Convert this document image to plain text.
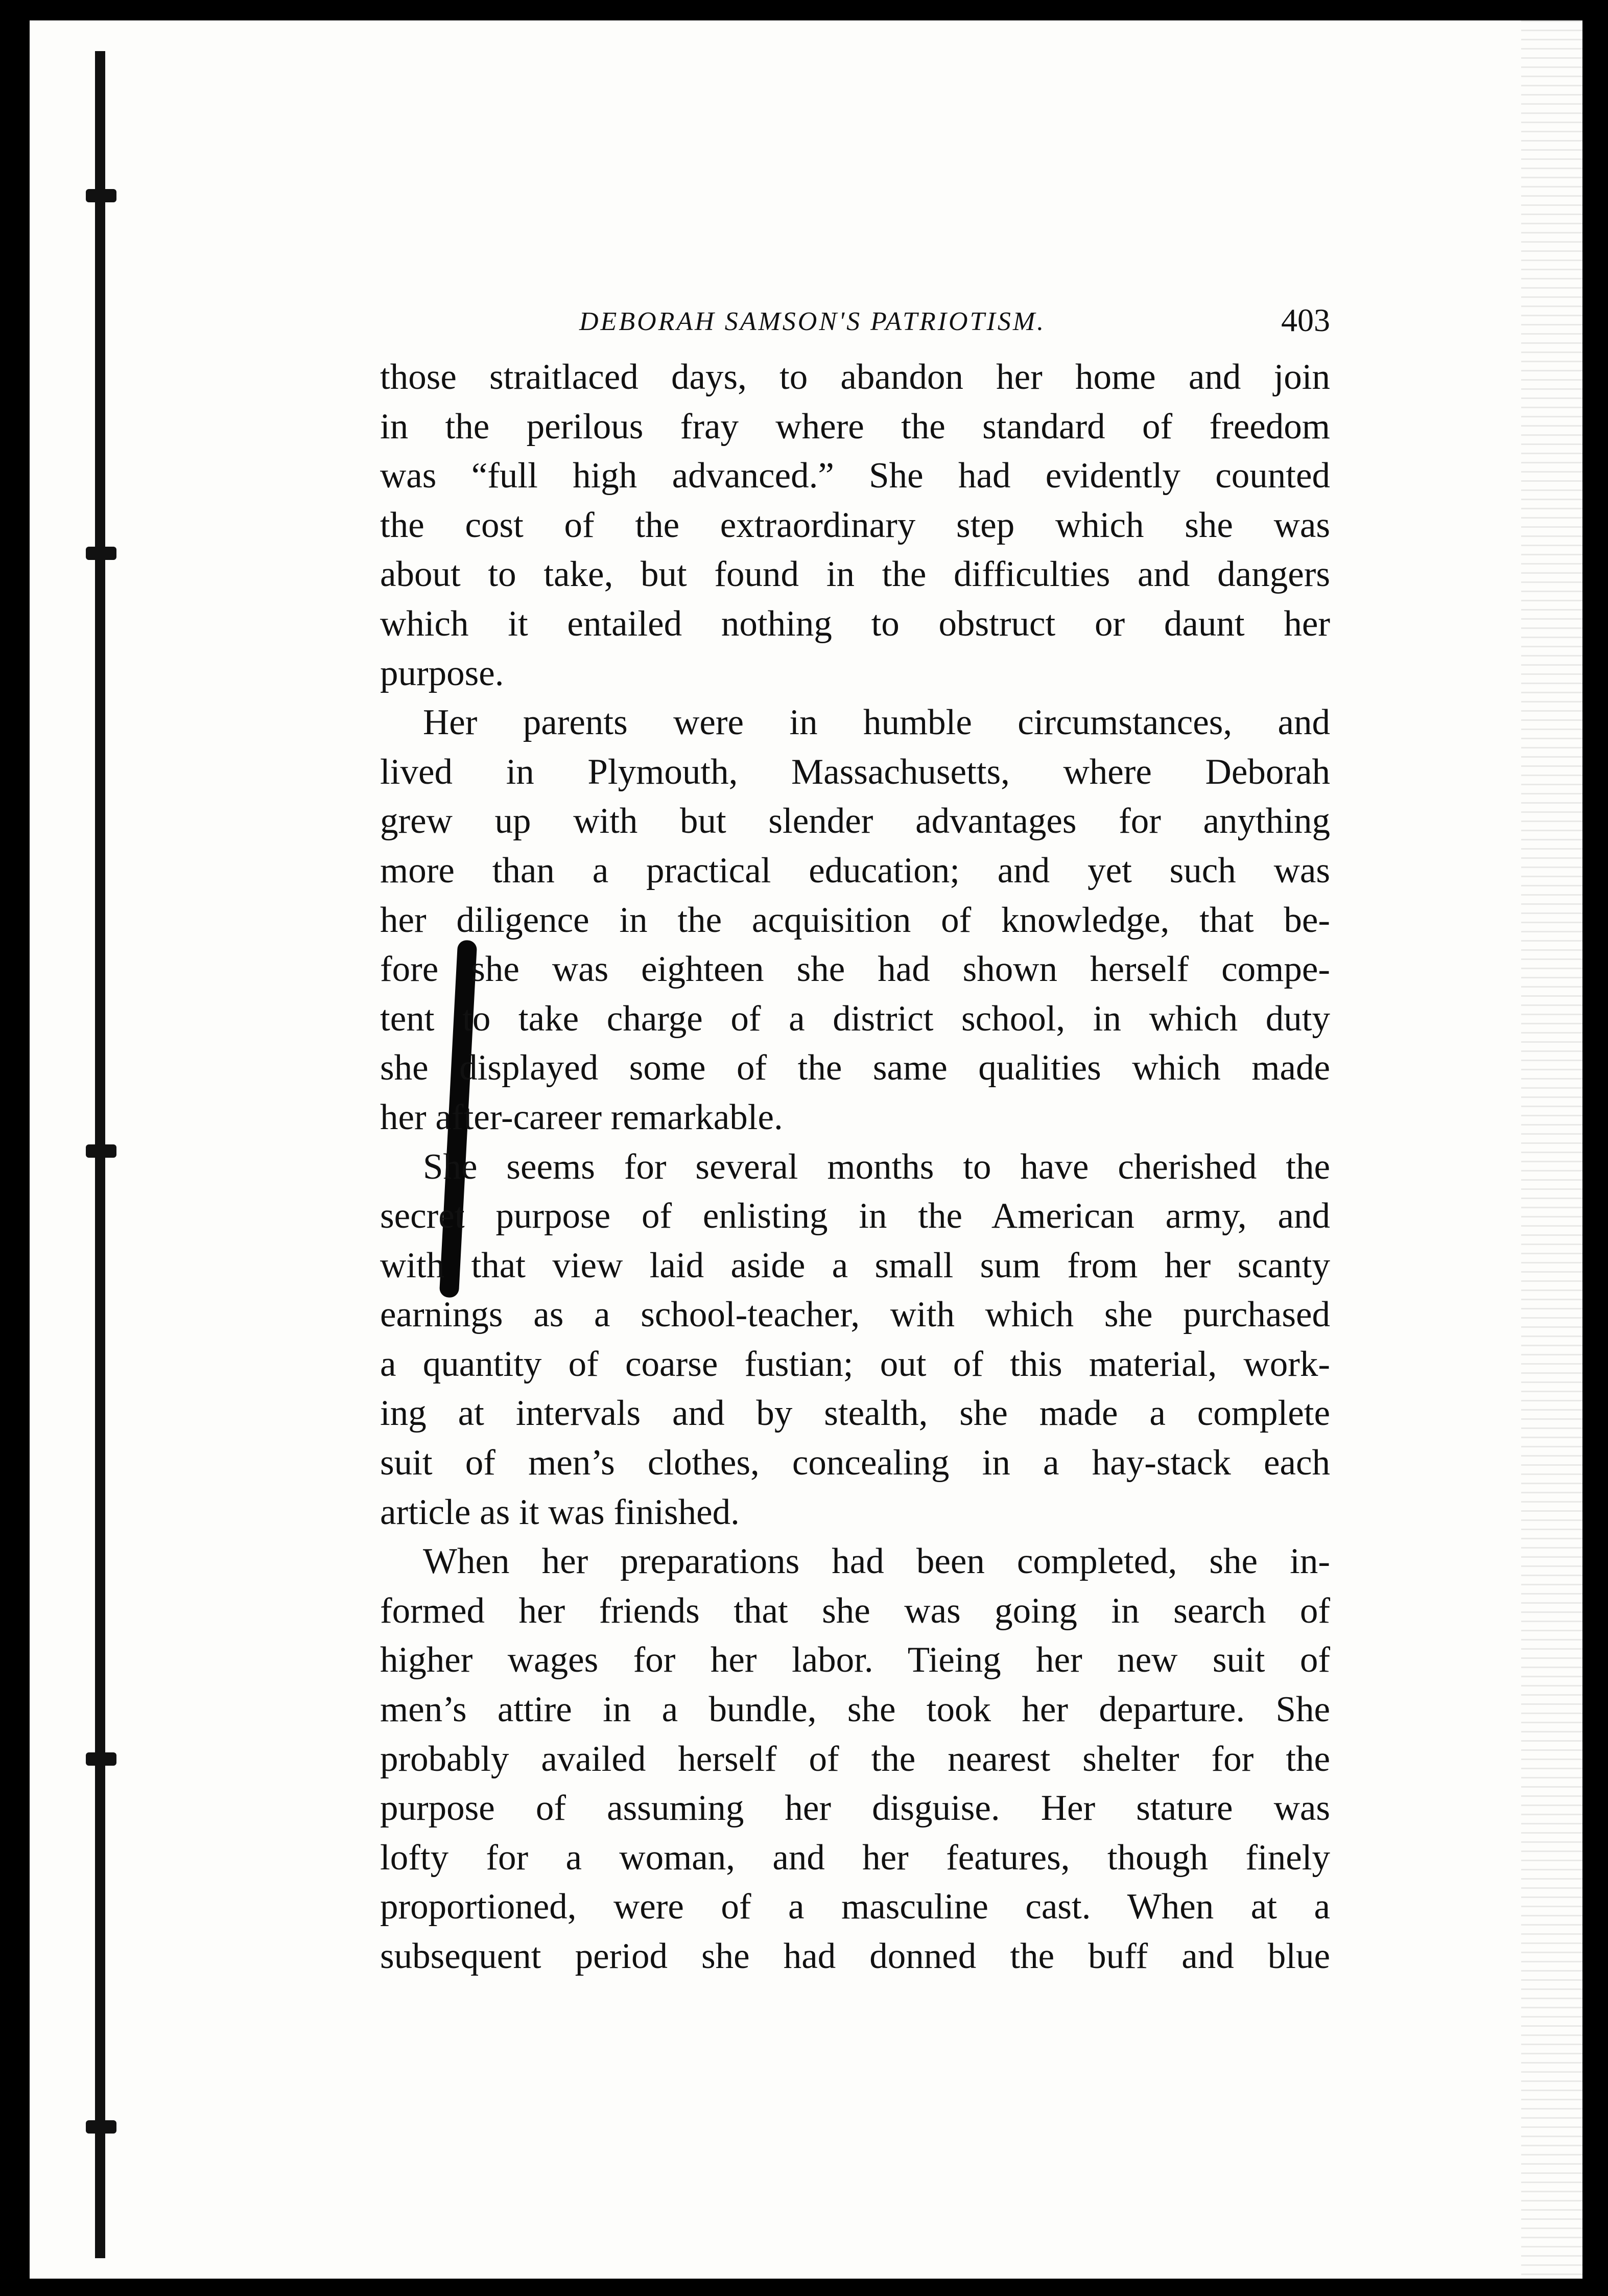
DEBORAH SAMSON'S PATRIOTISM.	403
those straitlaced days, to abandon her home and join
in the perilous fray where the standard of freedom
was “full high advanced.” She had evidently counted
the cost of the extraordinary step which she was
about to take, but found in the difficulties and dangers
which it entailed nothing to obstruct or daunt her
purpose.
Her parents were in humble circumstances, and
lived in Plymouth, Massachusetts, where Deborah
grew up with but slender advantages for anything
more than a practical education; and yet such was
her diligence in the acquisition of knowledge, that be-
fore she was eighteen she had shown herself compe-
tent to take charge of a district school, in which duty
she displayed some of the same qualities which made
her after-career remarkable.
She seems for several months to have cherished the
secret purpose of enlisting in the American army, and
with that view laid aside a small sum from her scanty
earnings as a school-teacher, with which she purchased
a quantity of coarse fustian; out of this material, work-
ing at intervals and by stealth, she made a complete
suit of men’s clothes, concealing in a hay-stack each
article as it was finished.
When her preparations had been completed, she in-
formed her friends that she was going in search of
higher wages for her labor. Tieing her new suit of
men’s attire in a bundle, she took her departure. She
probably availed herself of the nearest shelter for the
purpose of assuming her disguise. Her stature was
lofty for a woman, and her features, though finely
proportioned, were of a masculine cast. When at a
subsequent period she had donned the buff and blue
